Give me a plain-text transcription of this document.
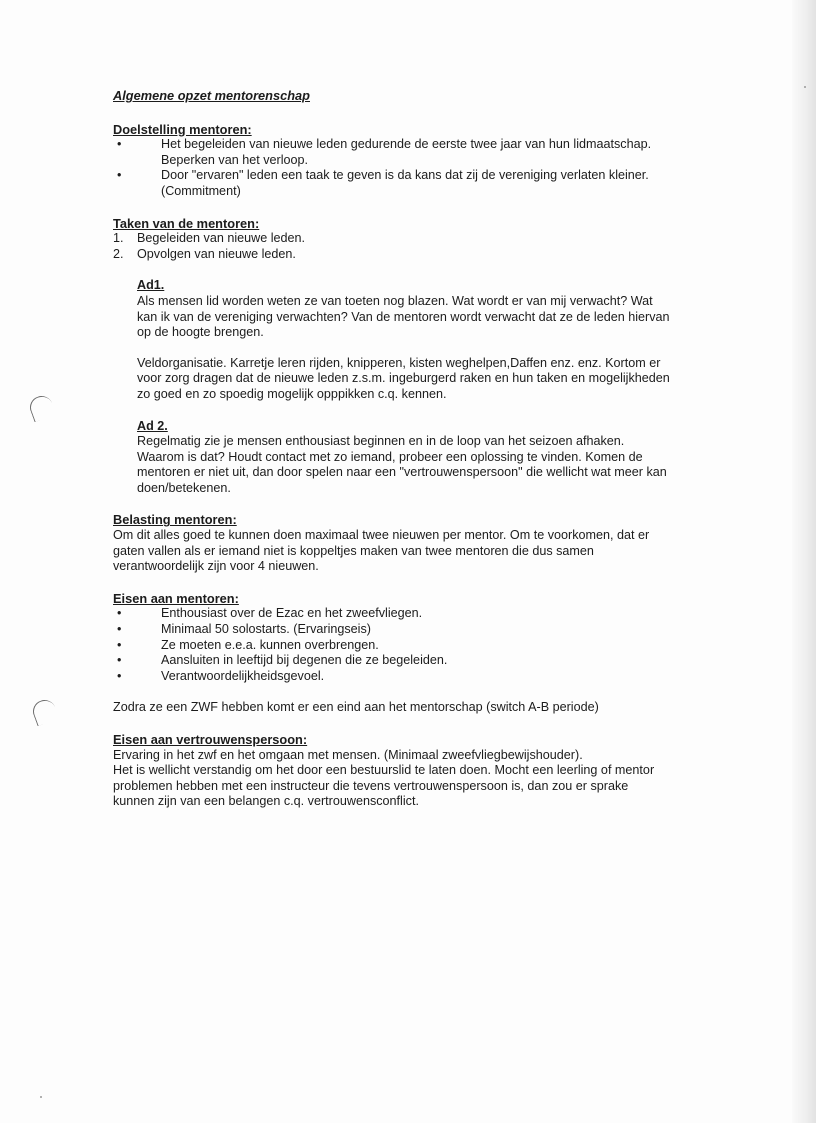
Algemene opzet mentorenschap

Doelstelling mentoren:

• Het begeleiden van nieuwe leden gedurende de eerste twee jaar van hun lidmaatschap. Beperken van het verloop.
• Door "ervaren" leden een taak te geven is da kans dat zij de vereniging verlaten kleiner. (Commitment)

Taken van de mentoren:

1. Begeleiden van nieuwe leden.
2. Opvolgen van nieuwe leden.

Ad1.

Als mensen lid worden weten ze van toeten nog blazen. Wat wordt er van mij verwacht? Wat kan ik van de vereniging verwachten? Van de mentoren wordt verwacht dat ze de leden hiervan op de hoogte brengen.

Veldorganisatie. Karretje leren rijden, knipperen, kisten weghelpen,Daffen enz. enz. Kortom er voor zorg dragen dat de nieuwe leden z.s.m. ingeburgerd raken en hun taken en mogelijkheden zo goed en zo spoedig mogelijk opppikken c.q. kennen.

Ad 2.

Regelmatig zie je mensen enthousiast beginnen en in de loop van het seizoen afhaken. Waarom is dat? Houdt contact met zo iemand, probeer een oplossing te vinden. Komen de mentoren er niet uit, dan door spelen naar een "vertrouwenspersoon" die wellicht wat meer kan doen/betekenen.

Belasting mentoren:

Om dit alles goed te kunnen doen maximaal twee nieuwen per mentor. Om te voorkomen, dat er gaten vallen als er iemand niet is koppeltjes maken van twee mentoren die dus samen verantwoordelijk zijn voor 4 nieuwen.

Eisen aan mentoren:

• Enthousiast over de Ezac en het zweefvliegen.
• Minimaal 50 solostarts. (Ervaringseis)
• Ze moeten e.e.a. kunnen overbrengen.
• Aansluiten in leeftijd bij degenen die ze begeleiden.
• Verantwoordelijkheidsgevoel.

Zodra ze een ZWF hebben komt er een eind aan het mentorschap (switch A-B periode)

Eisen aan vertrouwenspersoon:

Ervaring in het zwf en het omgaan met mensen. (Minimaal zweefvliegbewijshouder).

Het is wellicht verstandig om het door een bestuurslid te laten doen. Mocht een leerling of mentor problemen hebben met een instructeur die tevens vertrouwenspersoon is, dan zou er sprake kunnen zijn van een belangen c.q. vertrouwensconflict.
